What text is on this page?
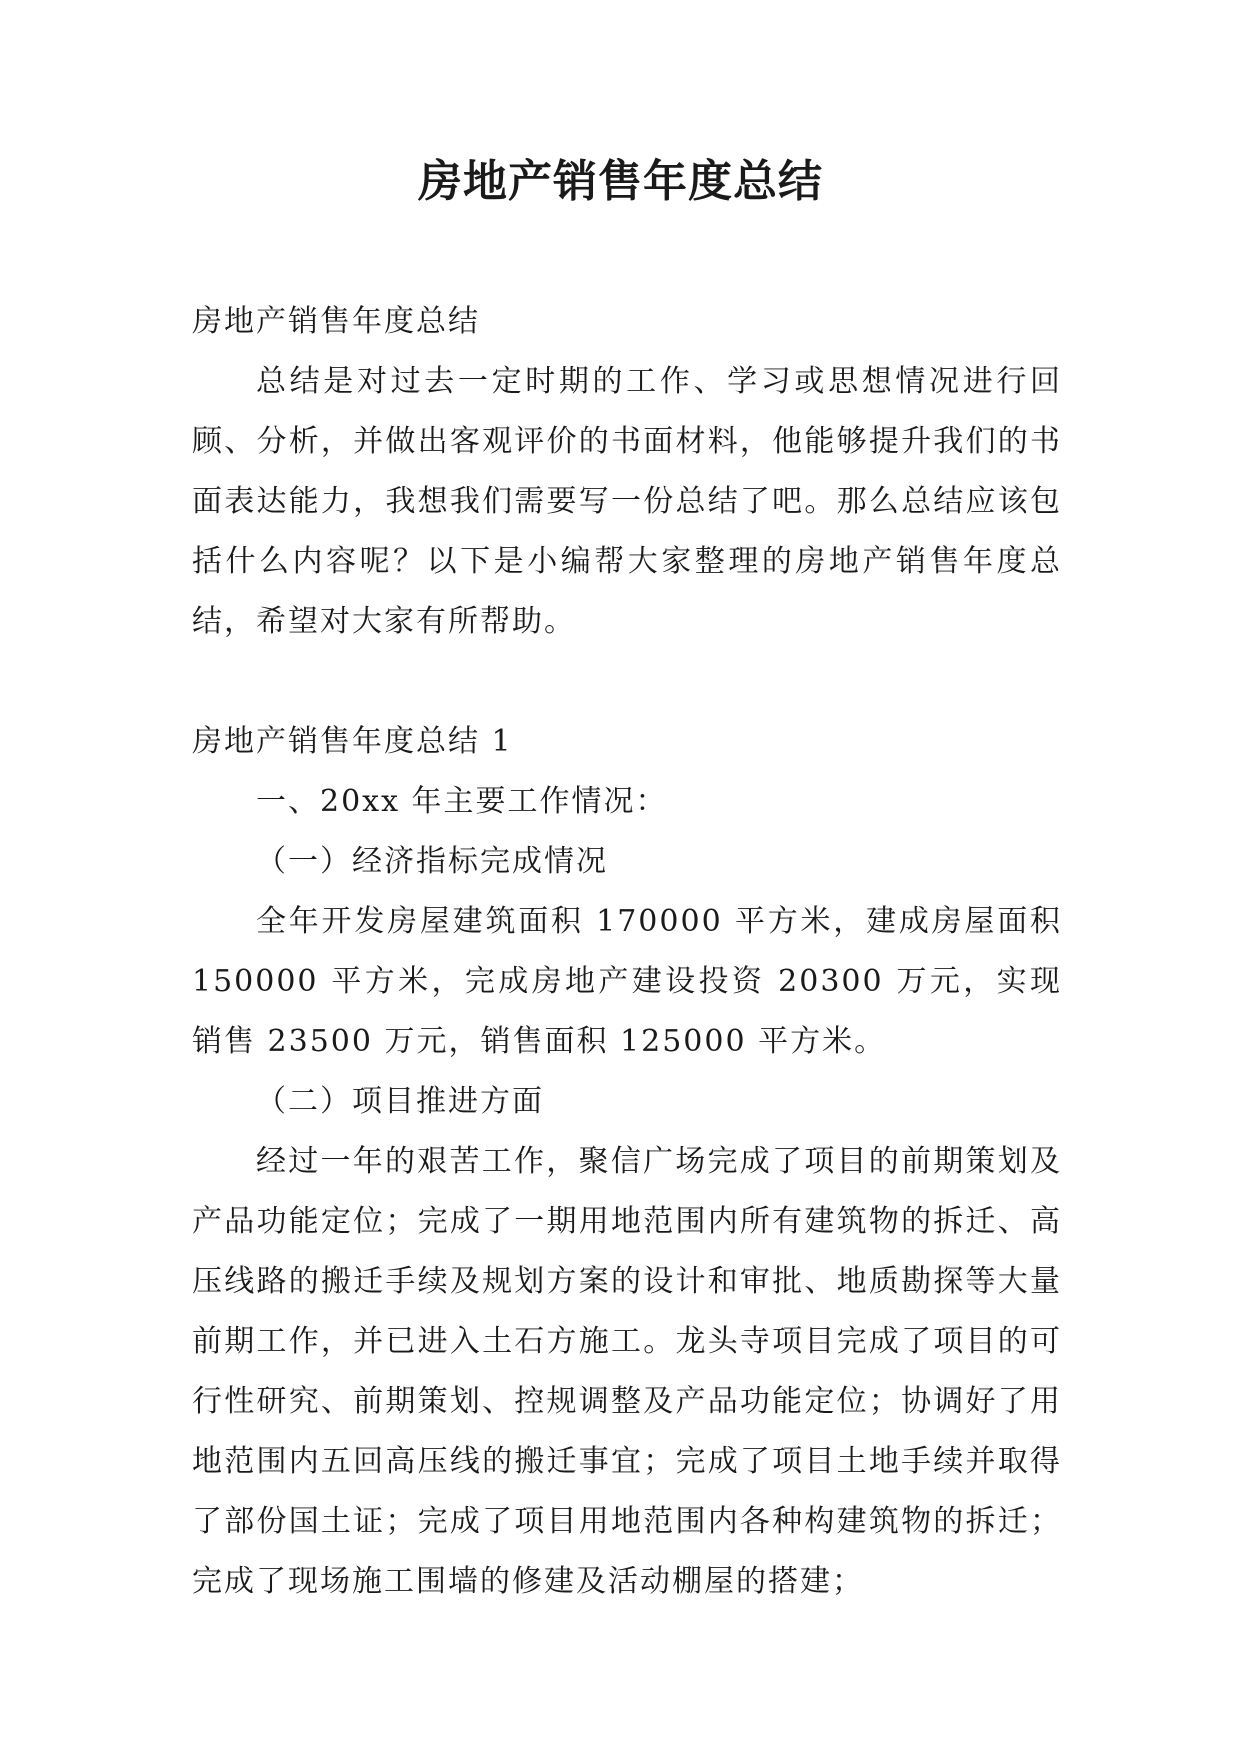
房地产销售年度总结

房地产销售年度总结

总结是对过去一定时期的工作、学习或思想情况进行回顾、分析，并做出客观评价的书面材料，他能够提升我们的书面表达能力，我想我们需要写一份总结了吧。那么总结应该包括什么内容呢？以下是小编帮大家整理的房地产销售年度总结，希望对大家有所帮助。

房地产销售年度总结 1

一、20xx 年主要工作情况：

（一）经济指标完成情况

全年开发房屋建筑面积 170000 平方米，建成房屋面积 150000 平方米，完成房地产建设投资 20300 万元，实现销售 23500 万元，销售面积 125000 平方米。

（二）项目推进方面

经过一年的艰苦工作，聚信广场完成了项目的前期策划及产品功能定位；完成了一期用地范围内所有建筑物的拆迁、高压线路的搬迁手续及规划方案的设计和审批、地质勘探等大量前期工作，并已进入土石方施工。龙头寺项目完成了项目的可行性研究、前期策划、控规调整及产品功能定位；协调好了用地范围内五回高压线的搬迁事宜；完成了项目土地手续并取得了部份国土证；完成了项目用地范围内各种构建筑物的拆迁；完成了现场施工围墙的修建及活动棚屋的搭建；
